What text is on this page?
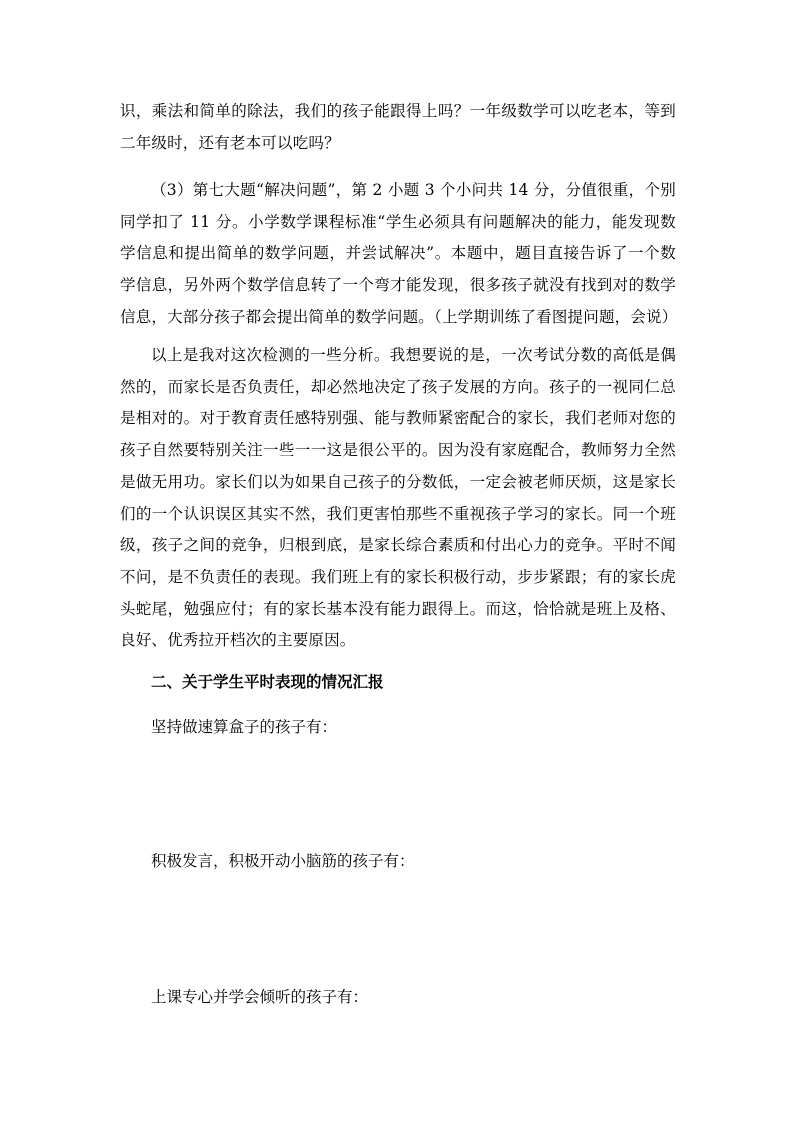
识，乘法和简单的除法，我们的孩子能跟得上吗？一年级数学可以吃老本，等到二年级时，还有老本可以吃吗？

（3）第七大题“解决问题”，第 2 小题 3 个小问共 14 分，分值很重，个别同学扣了 11 分。小学数学课程标准“学生必须具有问题解决的能力，能发现数学信息和提出简单的数学问题，并尝试解决”。本题中，题目直接告诉了一个数学信息，另外两个数学信息转了一个弯才能发现，很多孩子就没有找到对的数学信息，大部分孩子都会提出简单的数学问题。（上学期训练了看图提问题，会说）

以上是我对这次检测的一些分析。我想要说的是，一次考试分数的高低是偶然的，而家长是否负责任，却必然地决定了孩子发展的方向。孩子的一视同仁总是相对的。对于教育责任感特别强、能与教师紧密配合的家长，我们老师对您的孩子自然要特别关注一些一一这是很公平的。因为没有家庭配合，教师努力全然是做无用功。家长们以为如果自己孩子的分数低，一定会被老师厌烦，这是家长们的一个认识误区其实不然，我们更害怕那些不重视孩子学习的家长。同一个班级，孩子之间的竞争，归根到底，是家长综合素质和付出心力的竞争。平时不闻不问，是不负责任的表现。我们班上有的家长积极行动，步步紧跟；有的家长虎头蛇尾，勉强应付；有的家长基本没有能力跟得上。而这，恰恰就是班上及格、良好、优秀拉开档次的主要原因。

二、关于学生平时表现的情况汇报

坚持做速算盒子的孩子有：

积极发言，积极开动小脑筋的孩子有：

上课专心并学会倾听的孩子有：
